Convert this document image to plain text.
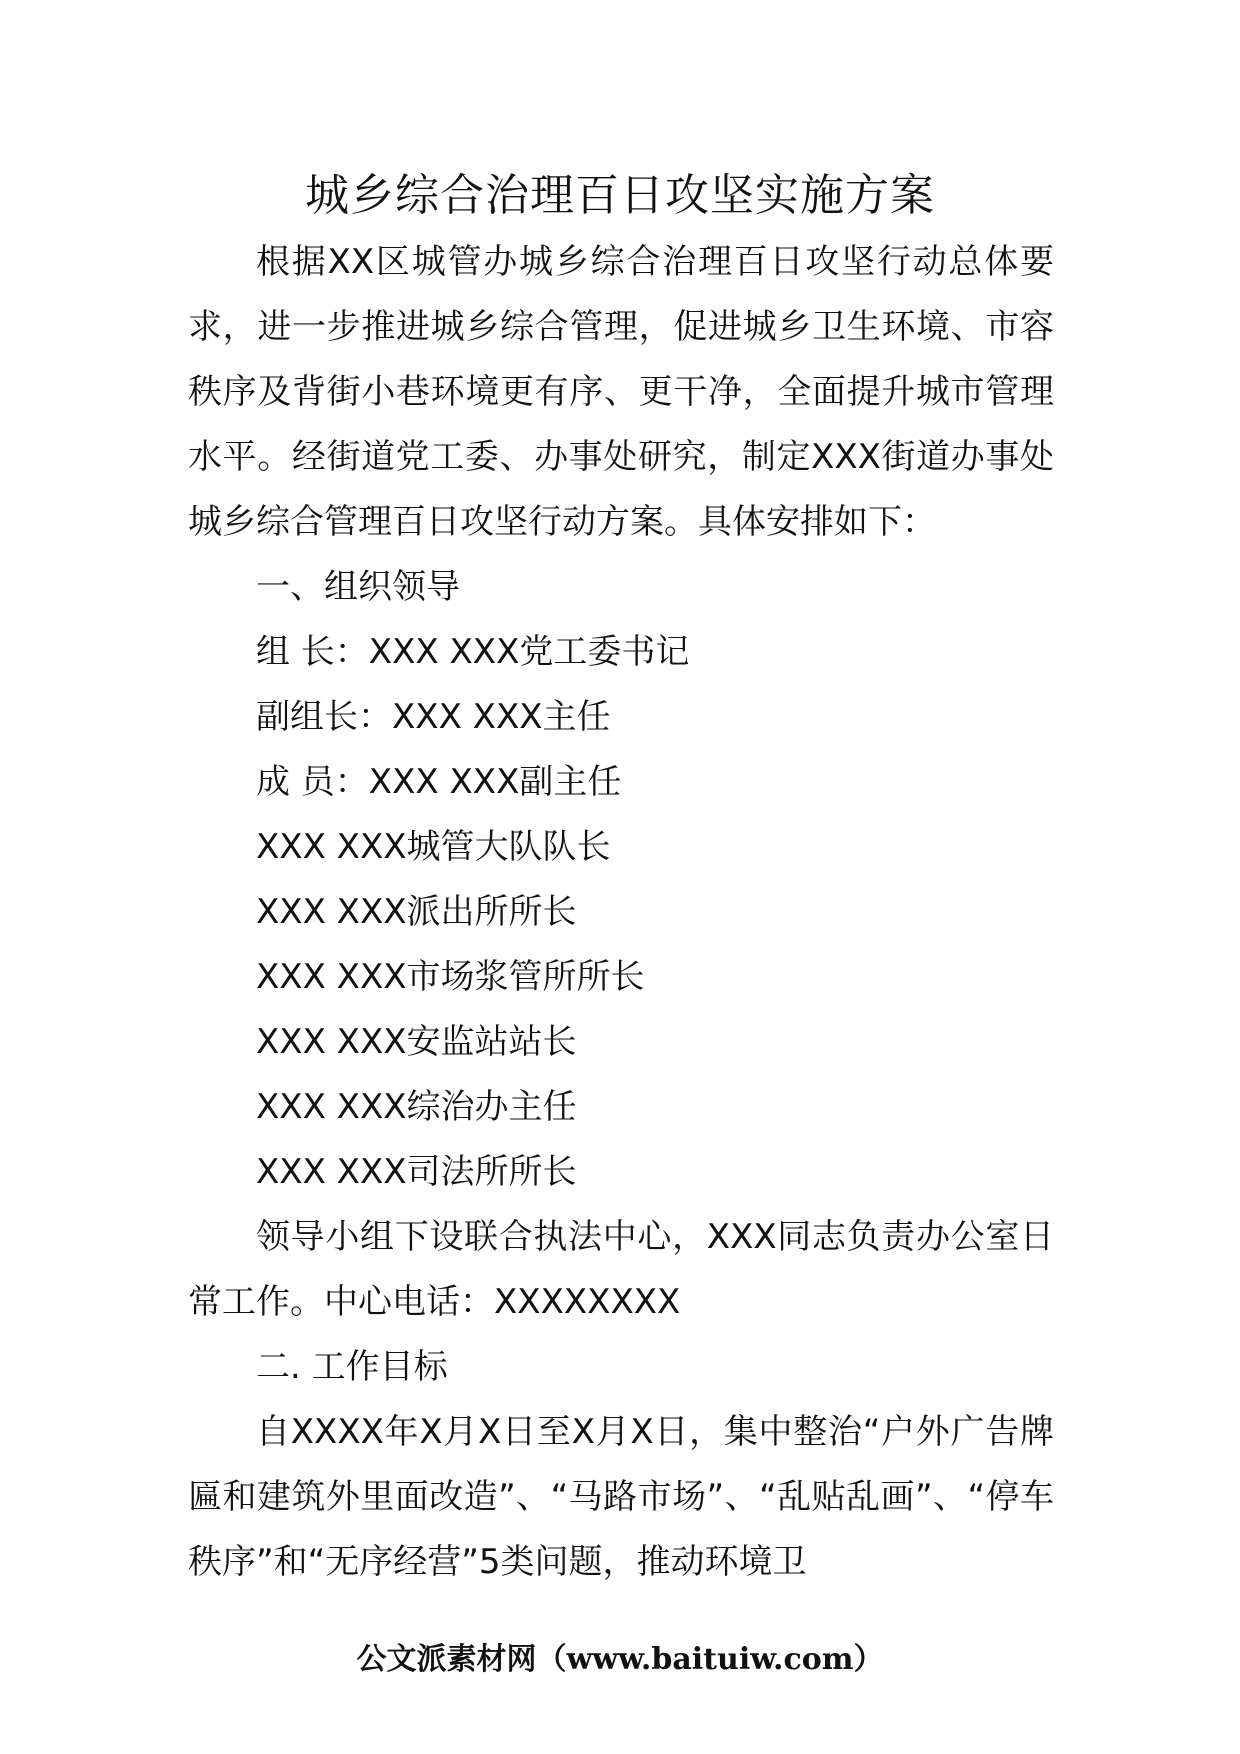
城乡综合治理百日攻坚实施方案

根据XX区城管办城乡综合治理百日攻坚行动总体要求，进一步推进城乡综合管理，促进城乡卫生环境、市容秩序及背街小巷环境更有序、更干净，全面提升城市管理水平。经街道党工委、办事处研究，制定XXX街道办事处城乡综合管理百日攻坚行动方案。具体安排如下：

一、组织领导

组 长：XXX XXX党工委书记

副组长：XXX XXX主任

成 员：XXX XXX副主任

XXX XXX城管大队队长

XXX XXX派出所所长

XXX XXX市场浆管所所长

XXX XXX安监站站长

XXX XXX综治办主任

XXX XXX司法所所长

领导小组下设联合执法中心，XXX同志负责办公室日常工作。中心电话：XXXXXXXX

二. 工作目标

自XXXX年X月X日至X月X日，集中整治“户外广告牌匾和建筑外里面改造”、“马路市场”、“乱贴乱画”、“停车秩序”和“无序经营”5类问题，推动环境卫

公文派素材网（www.baituiw.com）
